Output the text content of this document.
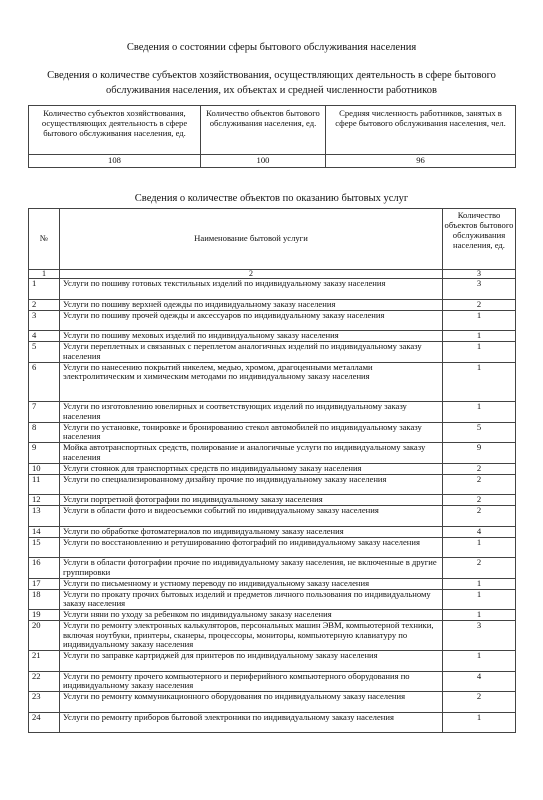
Сведения о состоянии сферы бытового обслуживания населения
Сведения о количестве субъектов хозяйствования, осуществляющих деятельность в сфере бытового обслуживания населения, их объектах и средней численности работников
Количество субъектов хозяйствования, осуществляющих деятельность в сфере бытового обслуживания населения, ед.	Количество объектов бытового обслуживания населения, ед.	Средняя численность работников, занятых в сфере бытового обслуживания населения, чел.
108	100	96
Сведения о количестве объектов по оказанию бытовых услуг
№	Наименование бытовой услуги	Количество объектов бытового обслуживания населения, ед.
1	2	3
1	Услуги по пошиву готовых текстильных изделий по индивидуальному заказу населения	3
2	Услуги по пошиву верхней одежды по индивидуальному заказу населения	2
3	Услуги по пошиву прочей одежды и аксессуаров по индивидуальному заказу населения	1
4	Услуги по пошиву меховых изделий по индивидуальному заказу населения	1
5	Услуги переплетных и связанных с переплетом аналогичных изделий по индивидуальному заказу населения	1
6	Услуги по нанесению покрытий никелем, медью, хромом, драгоценными металлами электролитическим и химическим методами по индивидуальному заказу населения	1
7	Услуги по изготовлению ювелирных и соответствующих изделий по индивидуальному заказу населения	1
8	Услуги по установке, тонировке и бронированию стекол автомобилей по индивидуальному заказу населения	5
9	Мойка автотранспортных средств, полирование и аналогичные услуги по индивидуальному заказу населения	9
10	Услуги стоянок для транспортных средств по индивидуальному заказу населения	2
11	Услуги по специализированному дизайну прочие по индивидуальному заказу населения	2
12	Услуги портретной фотографии по индивидуальному заказу населения	2
13	Услуги в области фото и видеосъемки событий по индивидуальному заказу населения	2
14	Услуги по обработке фотоматериалов по индивидуальному заказу населения	4
15	Услуги по восстановлению и ретушированию фотографий по индивидуальному заказу населения	1
16	Услуги в области фотографии прочие по индивидуальному заказу населения, не включенные в другие группировки	2
17	Услуги по письменному и устному переводу по индивидуальному заказу населения	1
18	Услуги по прокату прочих бытовых изделий и предметов личного пользования по индивидуальному заказу населения	1
19	Услуги няни по уходу за ребенком по индивидуальному заказу населения	1
20	Услуги по ремонту электронных калькуляторов, персональных машин ЭВМ, компьютерной техники, включая ноутбуки, принтеры, сканеры, процессоры, мониторы, компьютерную клавиатуру по индивидуальному заказу населения	3
21	Услуги по заправке картриджей для принтеров по индивидуальному заказу населения	1
22	Услуги по ремонту прочего компьютерного и периферийного компьютерного оборудования по индивидуальному заказу населения	4
23	Услуги по ремонту коммуникационного оборудования по индивидуальному заказу населения	2
24	Услуги по ремонту приборов бытовой электроники по индивидуальному заказу населения	1
